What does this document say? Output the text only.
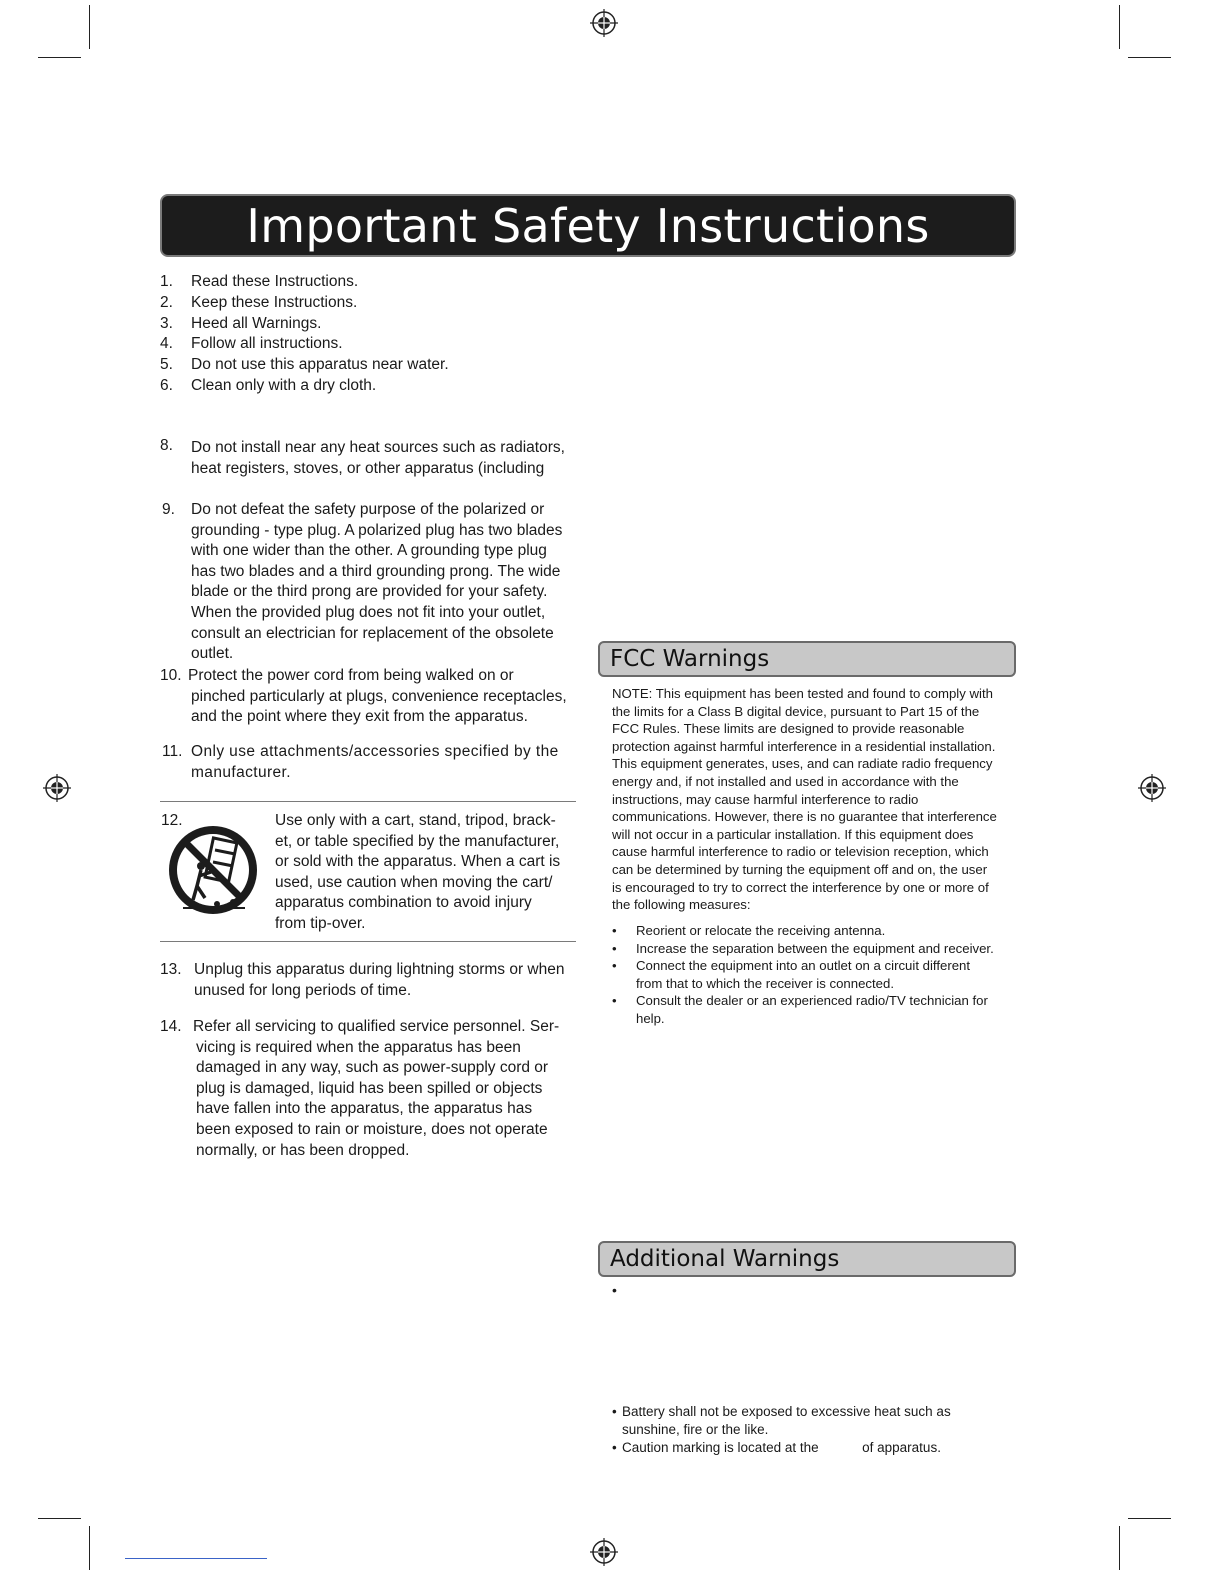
Important Safety Instructions
1. Read these Instructions.
2. Keep these Instructions.
3. Heed all Warnings.
4. Follow all instructions.
5. Do not use this apparatus near water.
6. Clean only with a dry cloth.
8. Do not install near any heat sources such as radiators,
heat registers, stoves, or other apparatus (including
9. Do not defeat the safety purpose of the polarized or
grounding - type plug. A polarized plug has two blades
with one wider than the other. A grounding type plug
has two blades and a third grounding prong. The wide
blade or the third prong are provided for your safety.
When the provided plug does not fit into your outlet,
consult an electrician for replacement of the obsolete
outlet.
10. Protect the power cord from being walked on or
pinched particularly at plugs, convenience receptacles,
and the point where they exit from the apparatus.
11. Only use attachments/accessories specified by the
manufacturer.
12.	Use only with a cart, stand, tripod, brack-
et, or table specified by the manufacturer,
or sold with the apparatus. When a cart is
used, use caution when moving the cart/
apparatus combination to avoid injury
from tip-over.
13. Unplug this apparatus during lightning storms or when
unused for long periods of time.
14. Refer all servicing to qualified service personnel. Ser-
vicing is required when the apparatus has been
damaged in any way, such as power-supply cord or
plug is damaged, liquid has been spilled or objects
have fallen into the apparatus, the apparatus has
been exposed to rain or moisture, does not operate
normally, or has been dropped.
FCC Warnings
NOTE: This equipment has been tested and found to comply with
the limits for a Class B digital device, pursuant to Part 15 of the
FCC Rules. These limits are designed to provide reasonable
protection against harmful interference in a residential installation.
This equipment generates, uses, and can radiate radio frequency
energy and, if not installed and used in accordance with the
instructions, may cause harmful interference to radio
communications. However, there is no guarantee that interference
will not occur in a particular installation. If this equipment does
cause harmful interference to radio or television reception, which
can be determined by turning the equipment off and on, the user
is encouraged to try to correct the interference by one or more of
the following measures:
• Reorient or relocate the receiving antenna.
• Increase the separation between the equipment and receiver.
• Connect the equipment into an outlet on a circuit different
from that to which the receiver is connected.
• Consult the dealer or an experienced radio/TV technician for
help.
Additional Warnings
•
• Battery shall not be exposed to excessive heat such as
sunshine, fire or the like.
• Caution marking is located at the	of apparatus.
